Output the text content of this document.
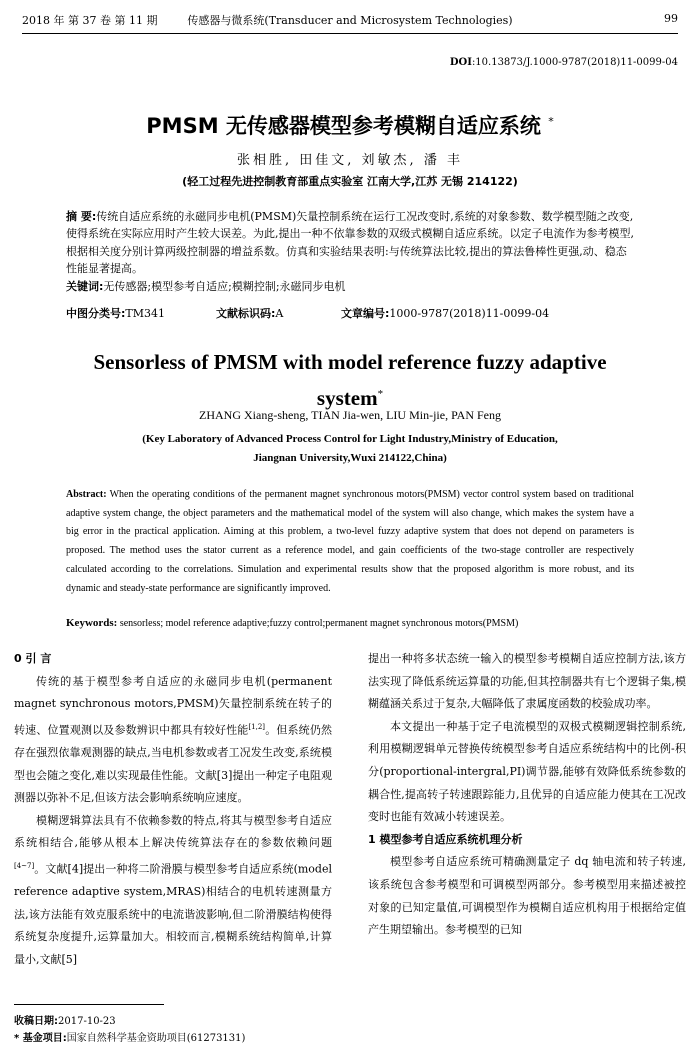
2018 年 第 37 卷 第 11 期	传感器与微系统(Transducer and Microsystem Technologies)	99
DOI:10.13873/J.1000-9787(2018)11-0099-04
PMSM 无传感器模型参考模糊自适应系统 *
张相胜, 田佳文, 刘敏杰, 潘 丰
(轻工过程先进控制教育部重点实验室 江南大学,江苏 无锡 214122)
摘 要:传统自适应系统的永磁同步电机(PMSM)矢量控制系统在运行工况改变时,系统的对象参数、数学模型随之改变,使得系统在实际应用时产生较大误差。为此,提出一种不依靠参数的双级式模糊自适应系统。以定子电流作为参考模型,根据相关度分别计算两级控制器的增益系数。仿真和实验结果表明:与传统算法比较,提出的算法鲁棒性更强,动、稳态性能显著提高。
关键词:无传感器;模型参考自适应;模糊控制;永磁同步电机
中图分类号:TM341	文献标识码:A	文章编号:1000-9787(2018)11-0099-04
Sensorless of PMSM with model reference fuzzy adaptive system*
ZHANG Xiang-sheng, TIAN Jia-wen, LIU Min-jie, PAN Feng
(Key Laboratory of Advanced Process Control for Light Industry,Ministry of Education,
Jiangnan University,Wuxi 214122,China)
Abstract: When the operating conditions of the permanent magnet synchronous motors(PMSM) vector control system based on traditional adaptive system change, the object parameters and the mathematical model of the system will also change, which makes the system have a big error in the practical application. Aiming at this problem, a two-level fuzzy adaptive system that does not depend on parameters is proposed. The method uses the stator current as a reference model, and gain coefficients of the two-stage controller are respectively calculated according to the correlations. Simulation and experimental results show that the proposed algorithm is more robust, and its dynamic and steady-state performance are significantly improved.
Keywords: sensorless; model reference adaptive;fuzzy control;permanent magnet synchronous motors(PMSM)

0 引 言

传统的基于模型参考自适应的永磁同步电机(permanent magnet synchronous motors,PMSM)矢量控制系统在转子的转速、位置观测以及参数辨识中都具有较好性能[1,2]。但系统仍然存在强烈依靠观测器的缺点,当电机参数或者工况发生改变,系统模型也会随之变化,难以实现最佳性能。文献[3]提出一种定子电阻观测器以弥补不足,但该方法会影响系统响应速度。

模糊逻辑算法具有不依赖参数的特点,将其与模型参考自适应系统相结合,能够从根本上解决传统算法存在的参数依赖问题[4~7]。文献[4]提出一种将二阶滑膜与模型参考自适应系统(model reference adaptive system,MRAS)相结合的电机转速测量方法,该方法能有效克服系统中的电流谐波影响,但二阶滑膜结构使得系统复杂度提升,运算量加大。相较而言,模糊系统结构简单,计算量小,文献[5]

提出一种将多状态统一输入的模型参考模糊自适应控制方法,该方法实现了降低系统运算量的功能,但其控制器共有七个逻辑子集,模糊蕴涵关系过于复杂,大幅降低了隶属度函数的校验成功率。

本文提出一种基于定子电流模型的双极式模糊逻辑控制系统,利用模糊逻辑单元替换传统模型参考自适应系统结构中的比例-积分(proportional-intergral,PI)调节器,能够有效降低系统参数的耦合性,提高转子转速跟踪能力,且优异的自适应能力使其在工况改变时也能有效减小转速误差。

1 模型参考自适应系统机理分析

模型参考自适应系统可精确测量定子 dq 轴电流和转子转速,该系统包含参考模型和可调模型两部分。参考模型用来描述被控对象的已知定量值,可调模型作为模糊自适应机构用于根据给定值产生期望输出。参考模型的已知

收稿日期:2017-10-23
* 基金项目:国家自然科学基金资助项目(61273131)
